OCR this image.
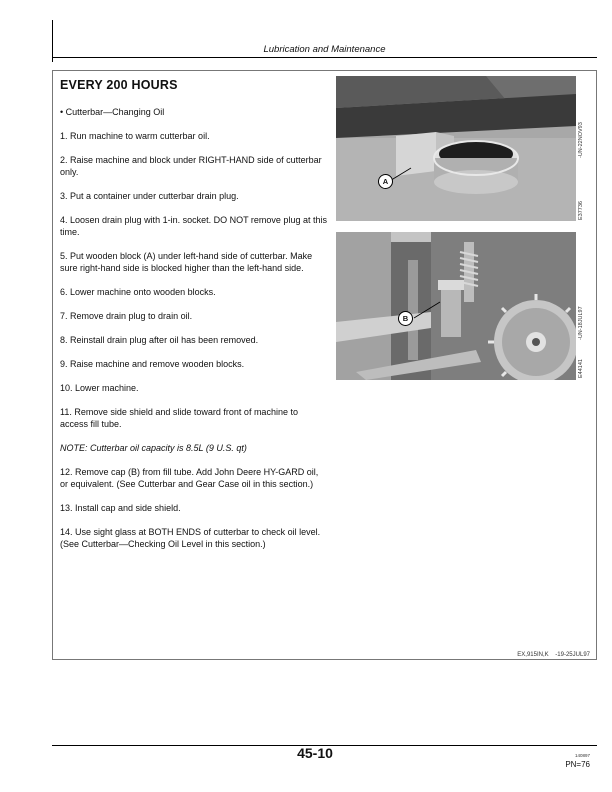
Lubrication and Maintenance
EVERY 200 HOURS

• Cutterbar—Changing Oil

1. Run machine to warm cutterbar oil.

2. Raise machine and block under RIGHT-HAND side of cutterbar only.

3. Put a container under cutterbar drain plug.

4. Loosen drain plug with 1-in. socket. DO NOT remove plug at this time.

5. Put wooden block (A) under left-hand side of cutterbar. Make sure right-hand side is blocked higher than the left-hand side.

6. Lower machine onto wooden blocks.

7. Remove drain plug to drain oil.

8. Reinstall drain plug after oil has been removed.

9. Raise machine and remove wooden blocks.

10. Lower machine.

11. Remove side shield and slide toward front of machine to access fill tube.

NOTE: Cutterbar oil capacity is 8.5L (9 U.S. qt)

12. Remove cap (B) from fill tube. Add John Deere HY-GARD oil, or equivalent. (See Cutterbar and Gear Case oil in this section.)

13. Install cap and side shield.

14. Use sight glass at BOTH ENDS of cutterbar to check oil level. (See Cutterbar—Checking Oil Level in this section.)

A
-UN-22NOV93
E37736
B	-UN-18JUL97
E44141
EX,915IN,K    -19-25JUL97
45-10	140897
PN=76
